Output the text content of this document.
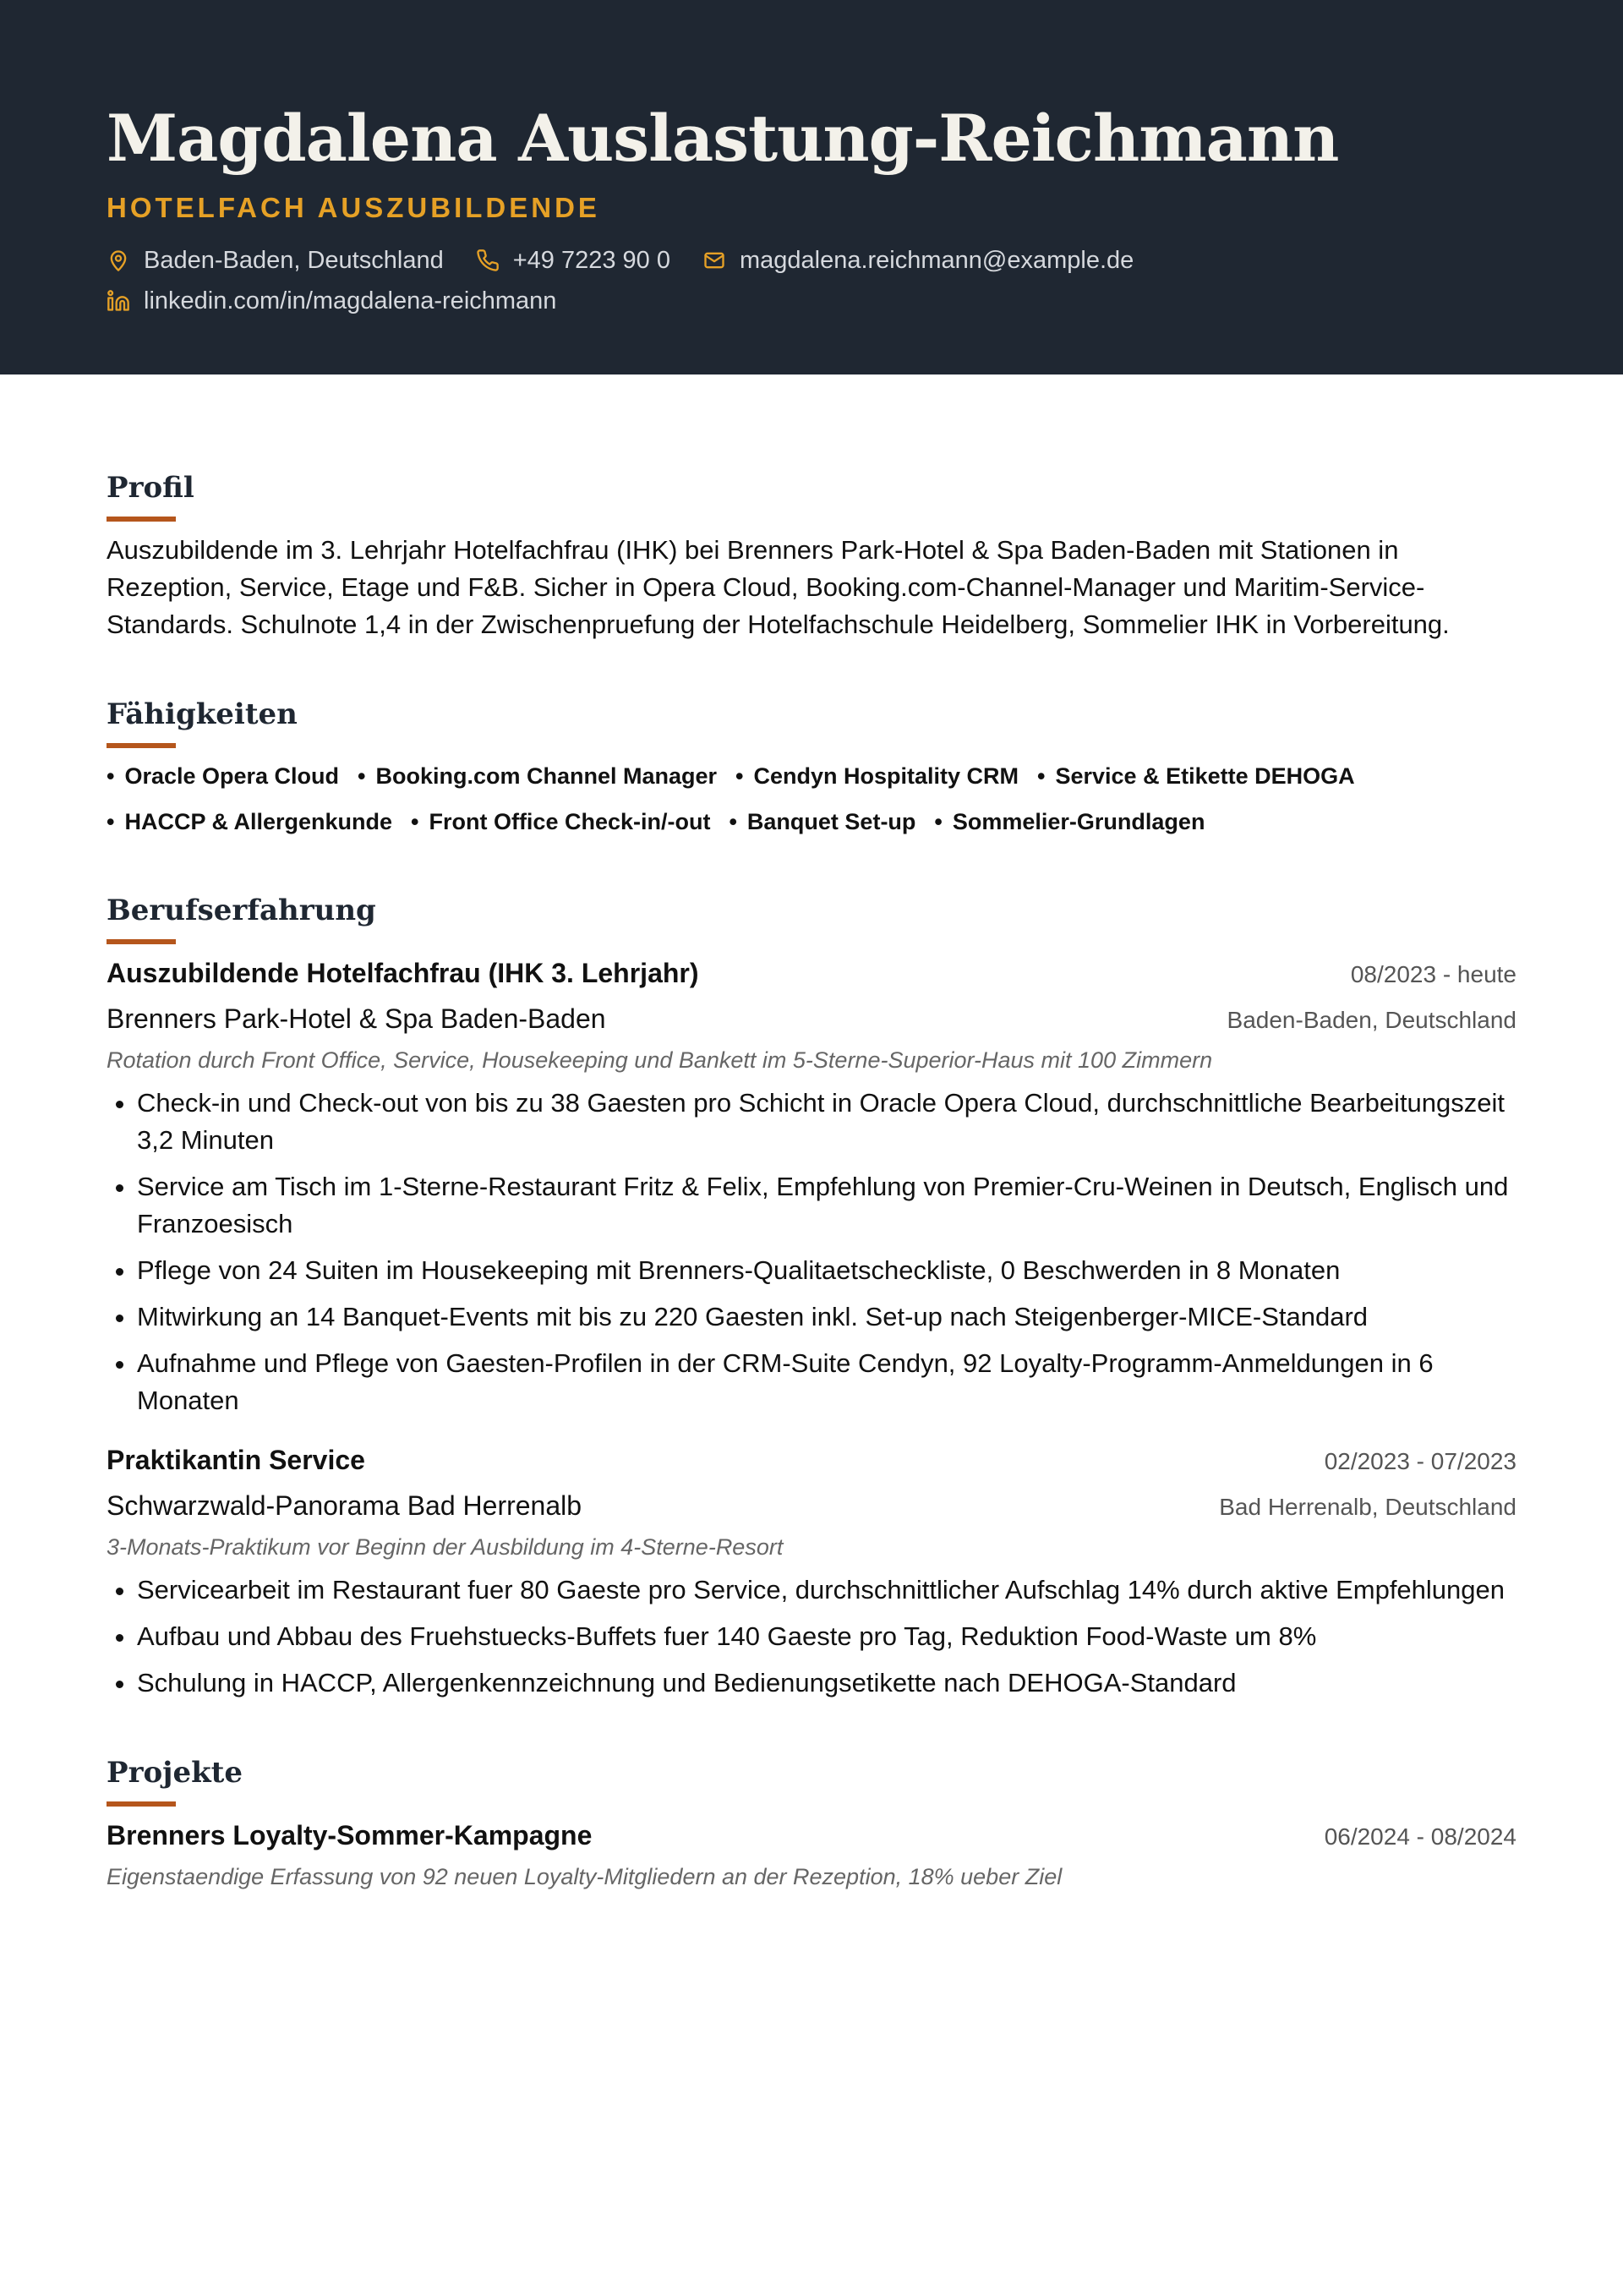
Magdalena Auslastung-Reichmann
HOTELFACH AUSZUBILDENDE
Baden-Baden, Deutschland	+49 7223 90 0	magdalena.reichmann@example.de
linkedin.com/in/magdalena-reichmann
Profil

Auszubildende im 3. Lehrjahr Hotelfachfrau (IHK) bei Brenners Park-Hotel & Spa Baden-Baden mit Stationen in Rezeption, Service, Etage und F&B. Sicher in Opera Cloud, Booking.com-Channel-Manager und Maritim-Service-Standards. Schulnote 1,4 in der Zwischenpruefung der Hotelfachschule Heidelberg, Sommelier IHK in Vorbereitung.

Fähigkeiten
• Oracle Opera Cloud	• Booking.com Channel Manager	• Cendyn Hospitality CRM	• Service & Etikette DEHOGA
• HACCP & Allergenkunde	• Front Office Check-in/-out	• Banquet Set-up	• Sommelier-Grundlagen
Berufserfahrung
Auszubildende Hotelfachfrau (IHK 3. Lehrjahr)	08/2023 - heute
Brenners Park-Hotel & Spa Baden-Baden	Baden-Baden, Deutschland
Rotation durch Front Office, Service, Housekeeping und Bankett im 5-Sterne-Superior-Haus mit 100 Zimmern
• Check-in und Check-out von bis zu 38 Gaesten pro Schicht in Oracle Opera Cloud, durchschnittliche Bearbeitungszeit 3,2 Minuten
• Service am Tisch im 1-Sterne-Restaurant Fritz & Felix, Empfehlung von Premier-Cru-Weinen in Deutsch, Englisch und Franzoesisch
• Pflege von 24 Suiten im Housekeeping mit Brenners-Qualitaetscheckliste, 0 Beschwerden in 8 Monaten
• Mitwirkung an 14 Banquet-Events mit bis zu 220 Gaesten inkl. Set-up nach Steigenberger-MICE-Standard
• Aufnahme und Pflege von Gaesten-Profilen in der CRM-Suite Cendyn, 92 Loyalty-Programm-Anmeldungen in 6 Monaten
Praktikantin Service	02/2023 - 07/2023
Schwarzwald-Panorama Bad Herrenalb	Bad Herrenalb, Deutschland
3-Monats-Praktikum vor Beginn der Ausbildung im 4-Sterne-Resort
• Servicearbeit im Restaurant fuer 80 Gaeste pro Service, durchschnittlicher Aufschlag 14% durch aktive Empfehlungen
• Aufbau und Abbau des Fruehstuecks-Buffets fuer 140 Gaeste pro Tag, Reduktion Food-Waste um 8%
• Schulung in HACCP, Allergenkennzeichnung und Bedienungsetikette nach DEHOGA-Standard
Projekte
Brenners Loyalty-Sommer-Kampagne	06/2024 - 08/2024
Eigenstaendige Erfassung von 92 neuen Loyalty-Mitgliedern an der Rezeption, 18% ueber Ziel
